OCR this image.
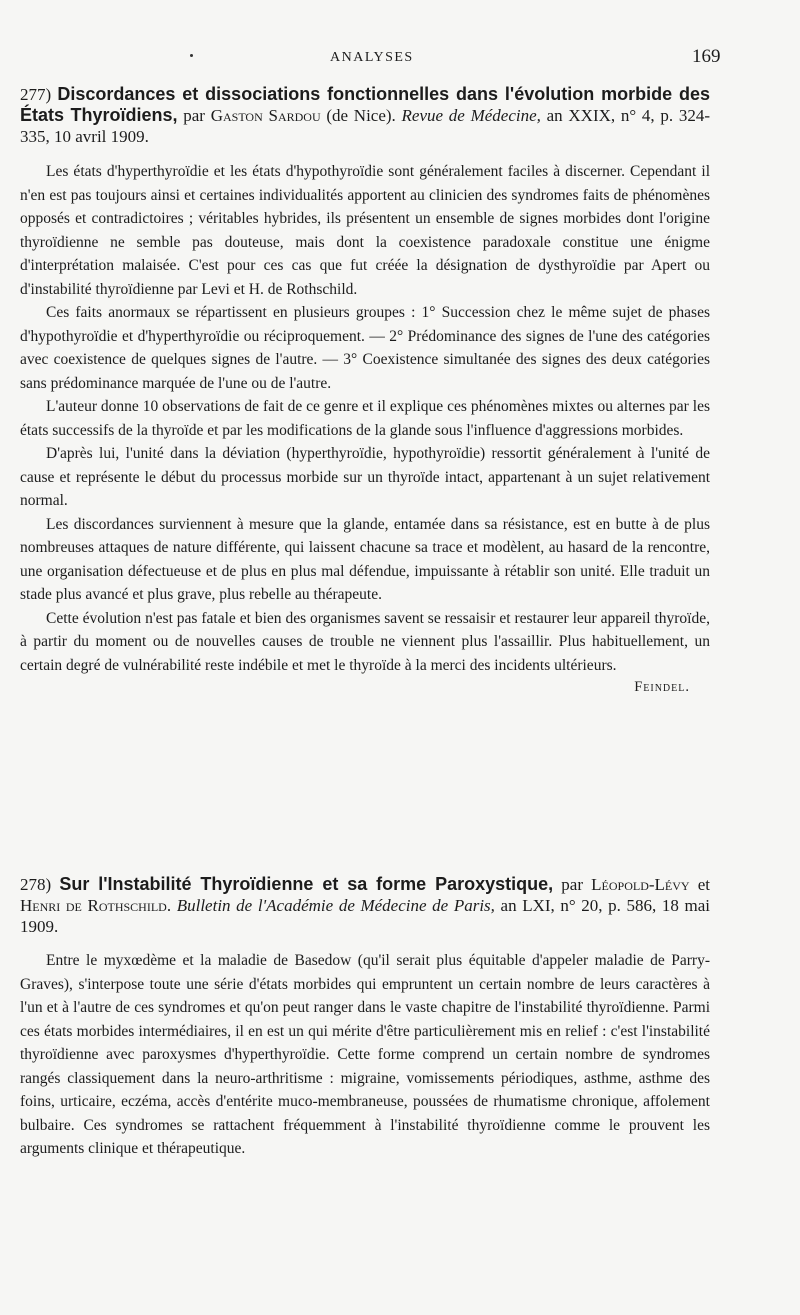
ANALYSES	169

277) Discordances et dissociations fonctionnelles dans l'évolution morbide des États Thyroïdiens, par Gaston Sardou (de Nice). Revue de Médecine, an XXIX, n° 4, p. 324-335, 10 avril 1909.

Les états d'hyperthyroïdie et les états d'hypothyroïdie sont généralement faciles à discerner. Cependant il n'en est pas toujours ainsi et certaines individualités apportent au clinicien des syndromes faits de phénomènes opposés et contradictoires ; véritables hybrides, ils présentent un ensemble de signes morbides dont l'origine thyroïdienne ne semble pas douteuse, mais dont la coexistence paradoxale constitue une énigme d'interprétation malaisée. C'est pour ces cas que fut créée la désignation de dysthyroïdie par Apert ou d'instabilité thyroïdienne par Levi et H. de Rothschild.

Ces faits anormaux se répartissent en plusieurs groupes : 1° Succession chez le même sujet de phases d'hypothyroïdie et d'hyperthyroïdie ou réciproquement. — 2° Prédominance des signes de l'une des catégories avec coexistence de quelques signes de l'autre. — 3° Coexistence simultanée des signes des deux catégories sans prédominance marquée de l'une ou de l'autre.

L'auteur donne 10 observations de fait de ce genre et il explique ces phénomènes mixtes ou alternes par les états successifs de la thyroïde et par les modifications de la glande sous l'influence d'aggressions morbides.

D'après lui, l'unité dans la déviation (hyperthyroïdie, hypothyroïdie) ressortit généralement à l'unité de cause et représente le début du processus morbide sur un thyroïde intact, appartenant à un sujet relativement normal.

Les discordances surviennent à mesure que la glande, entamée dans sa résistance, est en butte à de plus nombreuses attaques de nature différente, qui laissent chacune sa trace et modèlent, au hasard de la rencontre, une organisation défectueuse et de plus en plus mal défendue, impuissante à rétablir son unité. Elle traduit un stade plus avancé et plus grave, plus rebelle au thérapeute.

Cette évolution n'est pas fatale et bien des organismes savent se ressaisir et restaurer leur appareil thyroïde, à partir du moment ou de nouvelles causes de trouble ne viennent plus l'assaillir. Plus habituellement, un certain degré de vulnérabilité reste indébile et met le thyroïde à la merci des incidents ultérieurs.

Feindel.

278) Sur l'Instabilité Thyroïdienne et sa forme Paroxystique, par Léopold-Lévy et Henri de Rothschild. Bulletin de l'Académie de Médecine de Paris, an LXI, n° 20, p. 586, 18 mai 1909.

Entre le myxœdème et la maladie de Basedow (qu'il serait plus équitable d'appeler maladie de Parry-Graves), s'interpose toute une série d'états morbides qui empruntent un certain nombre de leurs caractères à l'un et à l'autre de ces syndromes et qu'on peut ranger dans le vaste chapitre de l'instabilité thyroïdienne. Parmi ces états morbides intermédiaires, il en est un qui mérite d'être particulièrement mis en relief : c'est l'instabilité thyroïdienne avec paroxysmes d'hyperthyroïdie. Cette forme comprend un certain nombre de syndromes rangés classiquement dans la neuro-arthritisme : migraine, vomissements périodiques, asthme, asthme des foins, urticaire, eczéma, accès d'entérite muco-membraneuse, poussées de rhumatisme chronique, affolement bulbaire. Ces syndromes se rattachent fréquemment à l'instabilité thyroïdienne comme le prouvent les arguments clinique et thérapeutique.
